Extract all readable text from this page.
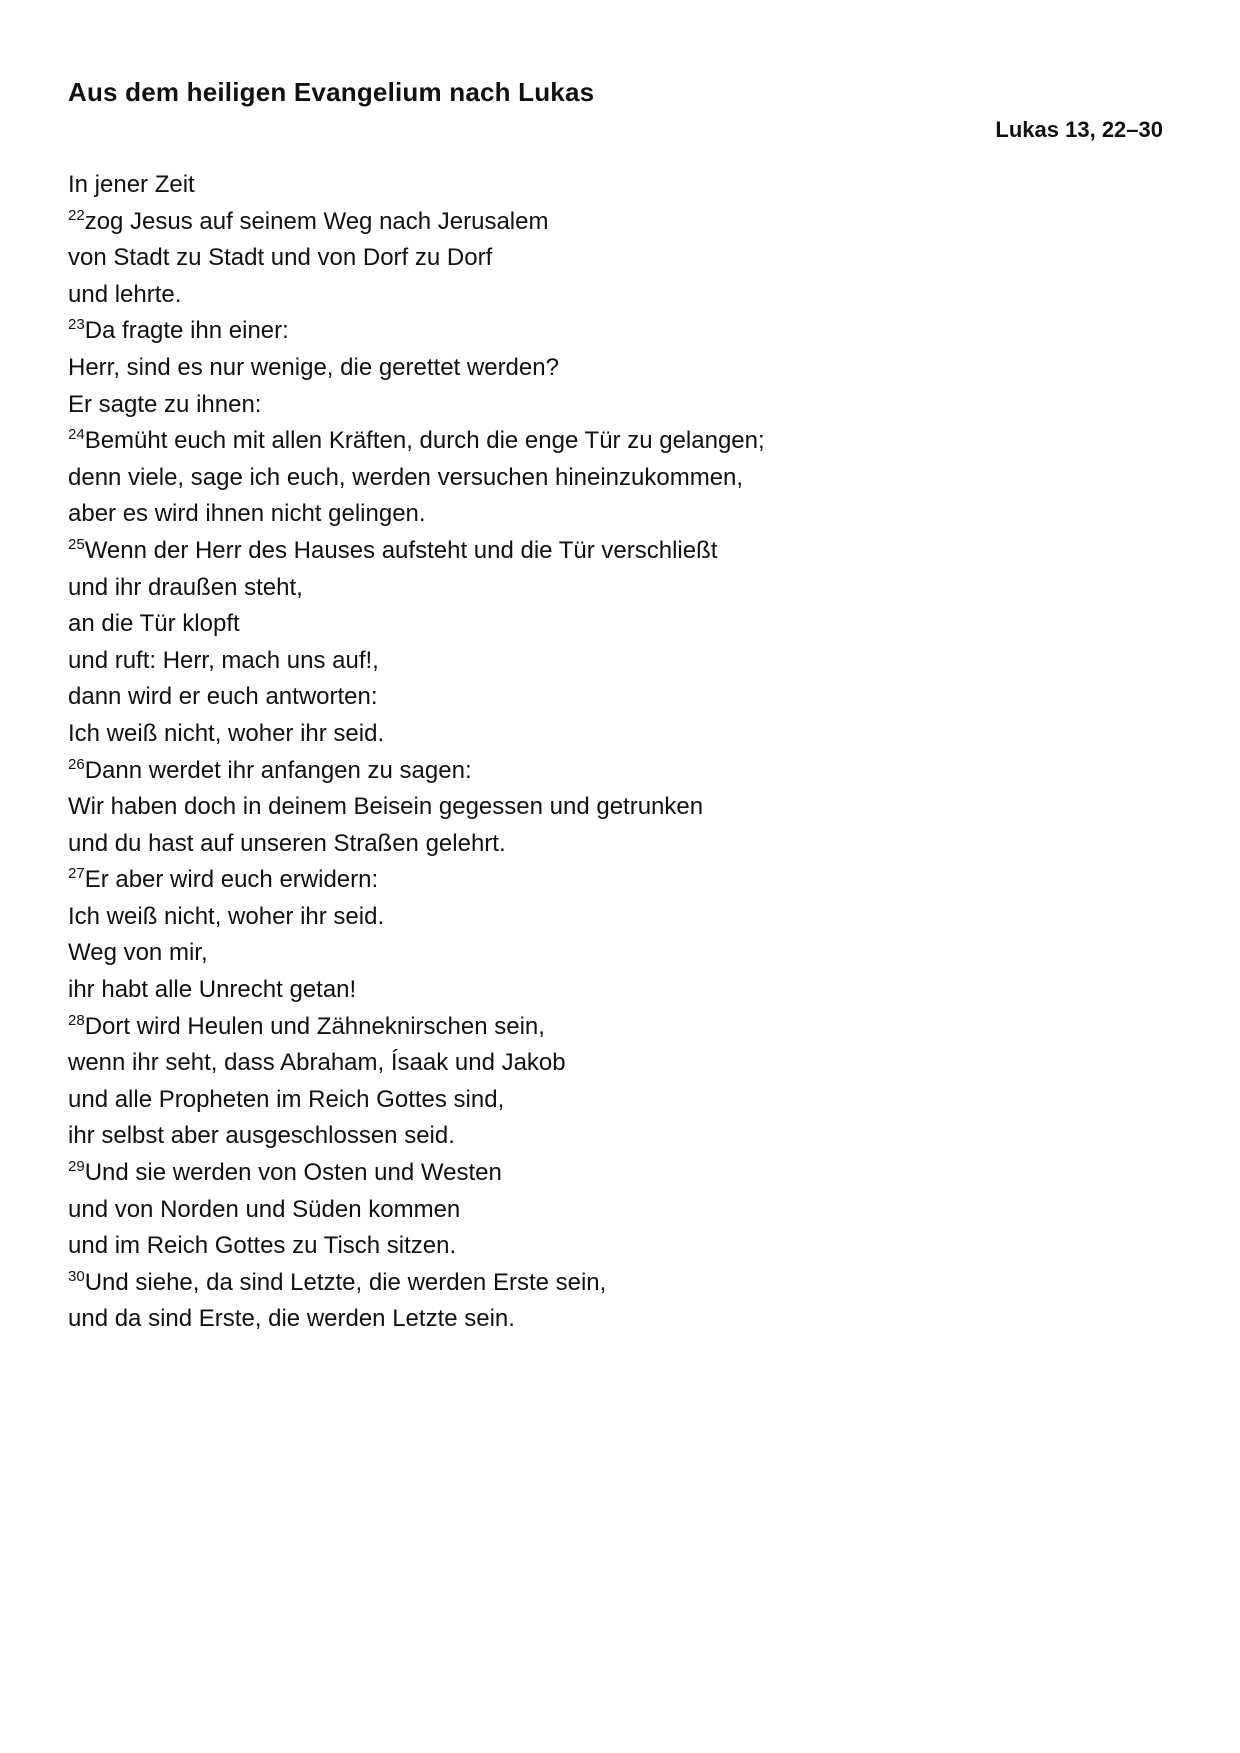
Aus dem heiligen Evangelium nach Lukas
Lukas 13, 22–30
In jener Zeit
$^{22}$zog Jesus auf seinem Weg nach Jerusalem
von Stadt zu Stadt und von Dorf zu Dorf
und lehrte.
$^{23}$Da fragte ihn einer:
Herr, sind es nur wenige, die gerettet werden?
Er sagte zu ihnen:
$^{24}$Bemüht euch mit allen Kräften, durch die enge Tür zu gelangen;
denn viele, sage ich euch, werden versuchen hineinzukommen,
aber es wird ihnen nicht gelingen.
$^{25}$Wenn der Herr des Hauses aufsteht und die Tür verschließt
und ihr draußen steht,
an die Tür klopft
und ruft: Herr, mach uns auf!,
dann wird er euch antworten:
Ich weiß nicht, woher ihr seid.
$^{26}$Dann werdet ihr anfangen zu sagen:
Wir haben doch in deinem Beisein gegessen und getrunken
und du hast auf unseren Straßen gelehrt.
$^{27}$Er aber wird euch erwidern:
Ich weiß nicht, woher ihr seid.
Weg von mir,
ihr habt alle Unrecht getan!
$^{28}$Dort wird Heulen und Zähneknirschen sein,
wenn ihr seht, dass Abraham, Ísaak und Jakob
und alle Propheten im Reich Gottes sind,
ihr selbst aber ausgeschlossen seid.
$^{29}$Und sie werden von Osten und Westen
und von Norden und Süden kommen
und im Reich Gottes zu Tisch sitzen.
$^{30}$Und siehe, da sind Letzte, die werden Erste sein,
und da sind Erste, die werden Letzte sein.
